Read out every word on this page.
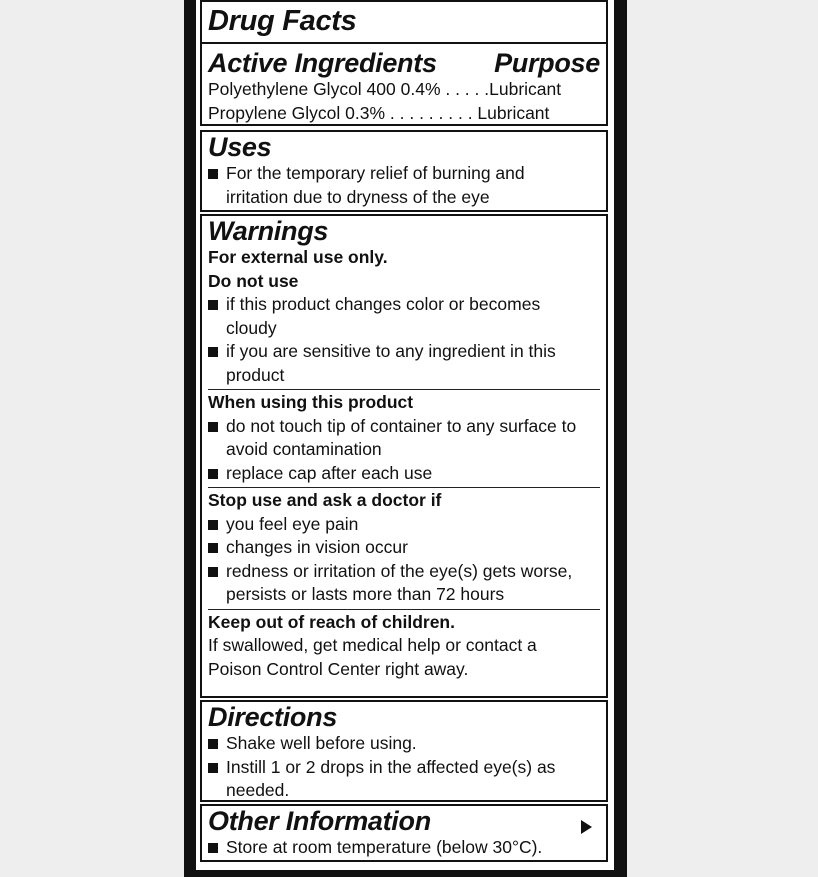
Drug Facts
Active Ingredients Purpose
Polyethylene Glycol 400 0.4% . . . . .Lubricant
Propylene Glycol 0.3% . . . . . . . . . Lubricant
Uses
For the temporary relief of burning and
irritation due to dryness of the eye
Warnings
For external use only.
Do not use
if this product changes color or becomes
cloudy
if you are sensitive to any ingredient in this
product
When using this product
do not touch tip of container to any surface to
avoid contamination
replace cap after each use
Stop use and ask a doctor if
you feel eye pain
changes in vision occur
redness or irritation of the eye(s) gets worse,
persists or lasts more than 72 hours
Keep out of reach of children.
If swallowed, get medical help or contact a
Poison Control Center right away.
Directions
Shake well before using.
Instill 1 or 2 drops in the affected eye(s) as
needed.
Other Information
Store at room temperature (below 30°C).
